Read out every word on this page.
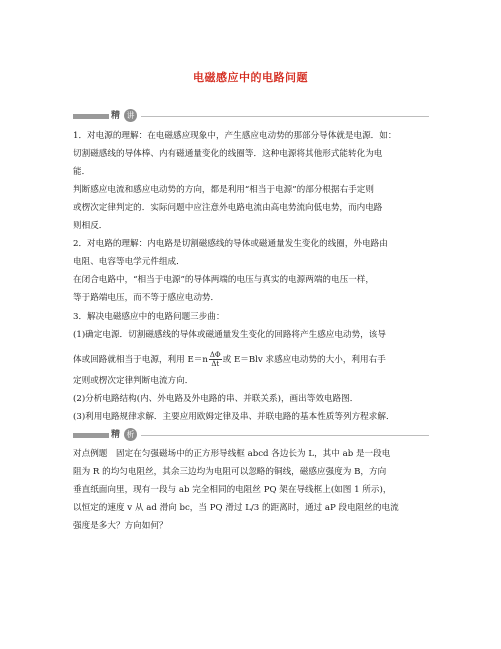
电磁感应中的电路问题
精 讲
1．对电源的理解：在电磁感应现象中，产生感应电动势的那部分导体就是电源．如：
切割磁感线的导体棒、内有磁通量变化的线圈等．这种电源将其他形式能转化为电
能．
判断感应电流和感应电动势的方向，都是利用“相当于电源”的部分根据右手定则
或楞次定律判定的．实际问题中应注意外电路电流由高电势流向低电势，而内电路
则相反．
2．对电路的理解：内电路是切割磁感线的导体或磁通量发生变化的线圈，外电路由
电阻、电容等电学元件组成．
在闭合电路中，“相当于电源”的导体两端的电压与真实的电源两端的电压一样，
等于路端电压，而不等于感应电动势．
3．解决电磁感应中的电路问题三步曲：
(1)确定电源．切割磁感线的导体或磁通量发生变化的回路将产生感应电动势，该导
体或回路就相当于电源，利用 $E=n \frac{\Delta\Phi}{\Delta t}$ 或 E＝Blv 求感应电动势的大小，利用右手
定则或楞次定律判断电流方向．
(2)分析电路结构(内、外电路及外电路的串、并联关系)，画出等效电路图．
(3)利用电路规律求解．主要应用欧姆定律及串、并联电路的基本性质等列方程求解．
精 析
对点例题　固定在匀强磁场中的正方形导线框 abcd 各边长为 L，其中 ab 是一段电
阻为 R 的均匀电阻丝，其余三边均为电阻可以忽略的铜线，磁感应强度为 B，方向
垂直纸面向里，现有一段与 ab 完全相同的电阻丝 PQ 架在导线框上(如图 1 所示)，
以恒定的速度 v 从 ad 滑向 bc，当 PQ 滑过 L/3 的距离时，通过 aP 段电阻丝的电流
强度是多大？方向如何？
